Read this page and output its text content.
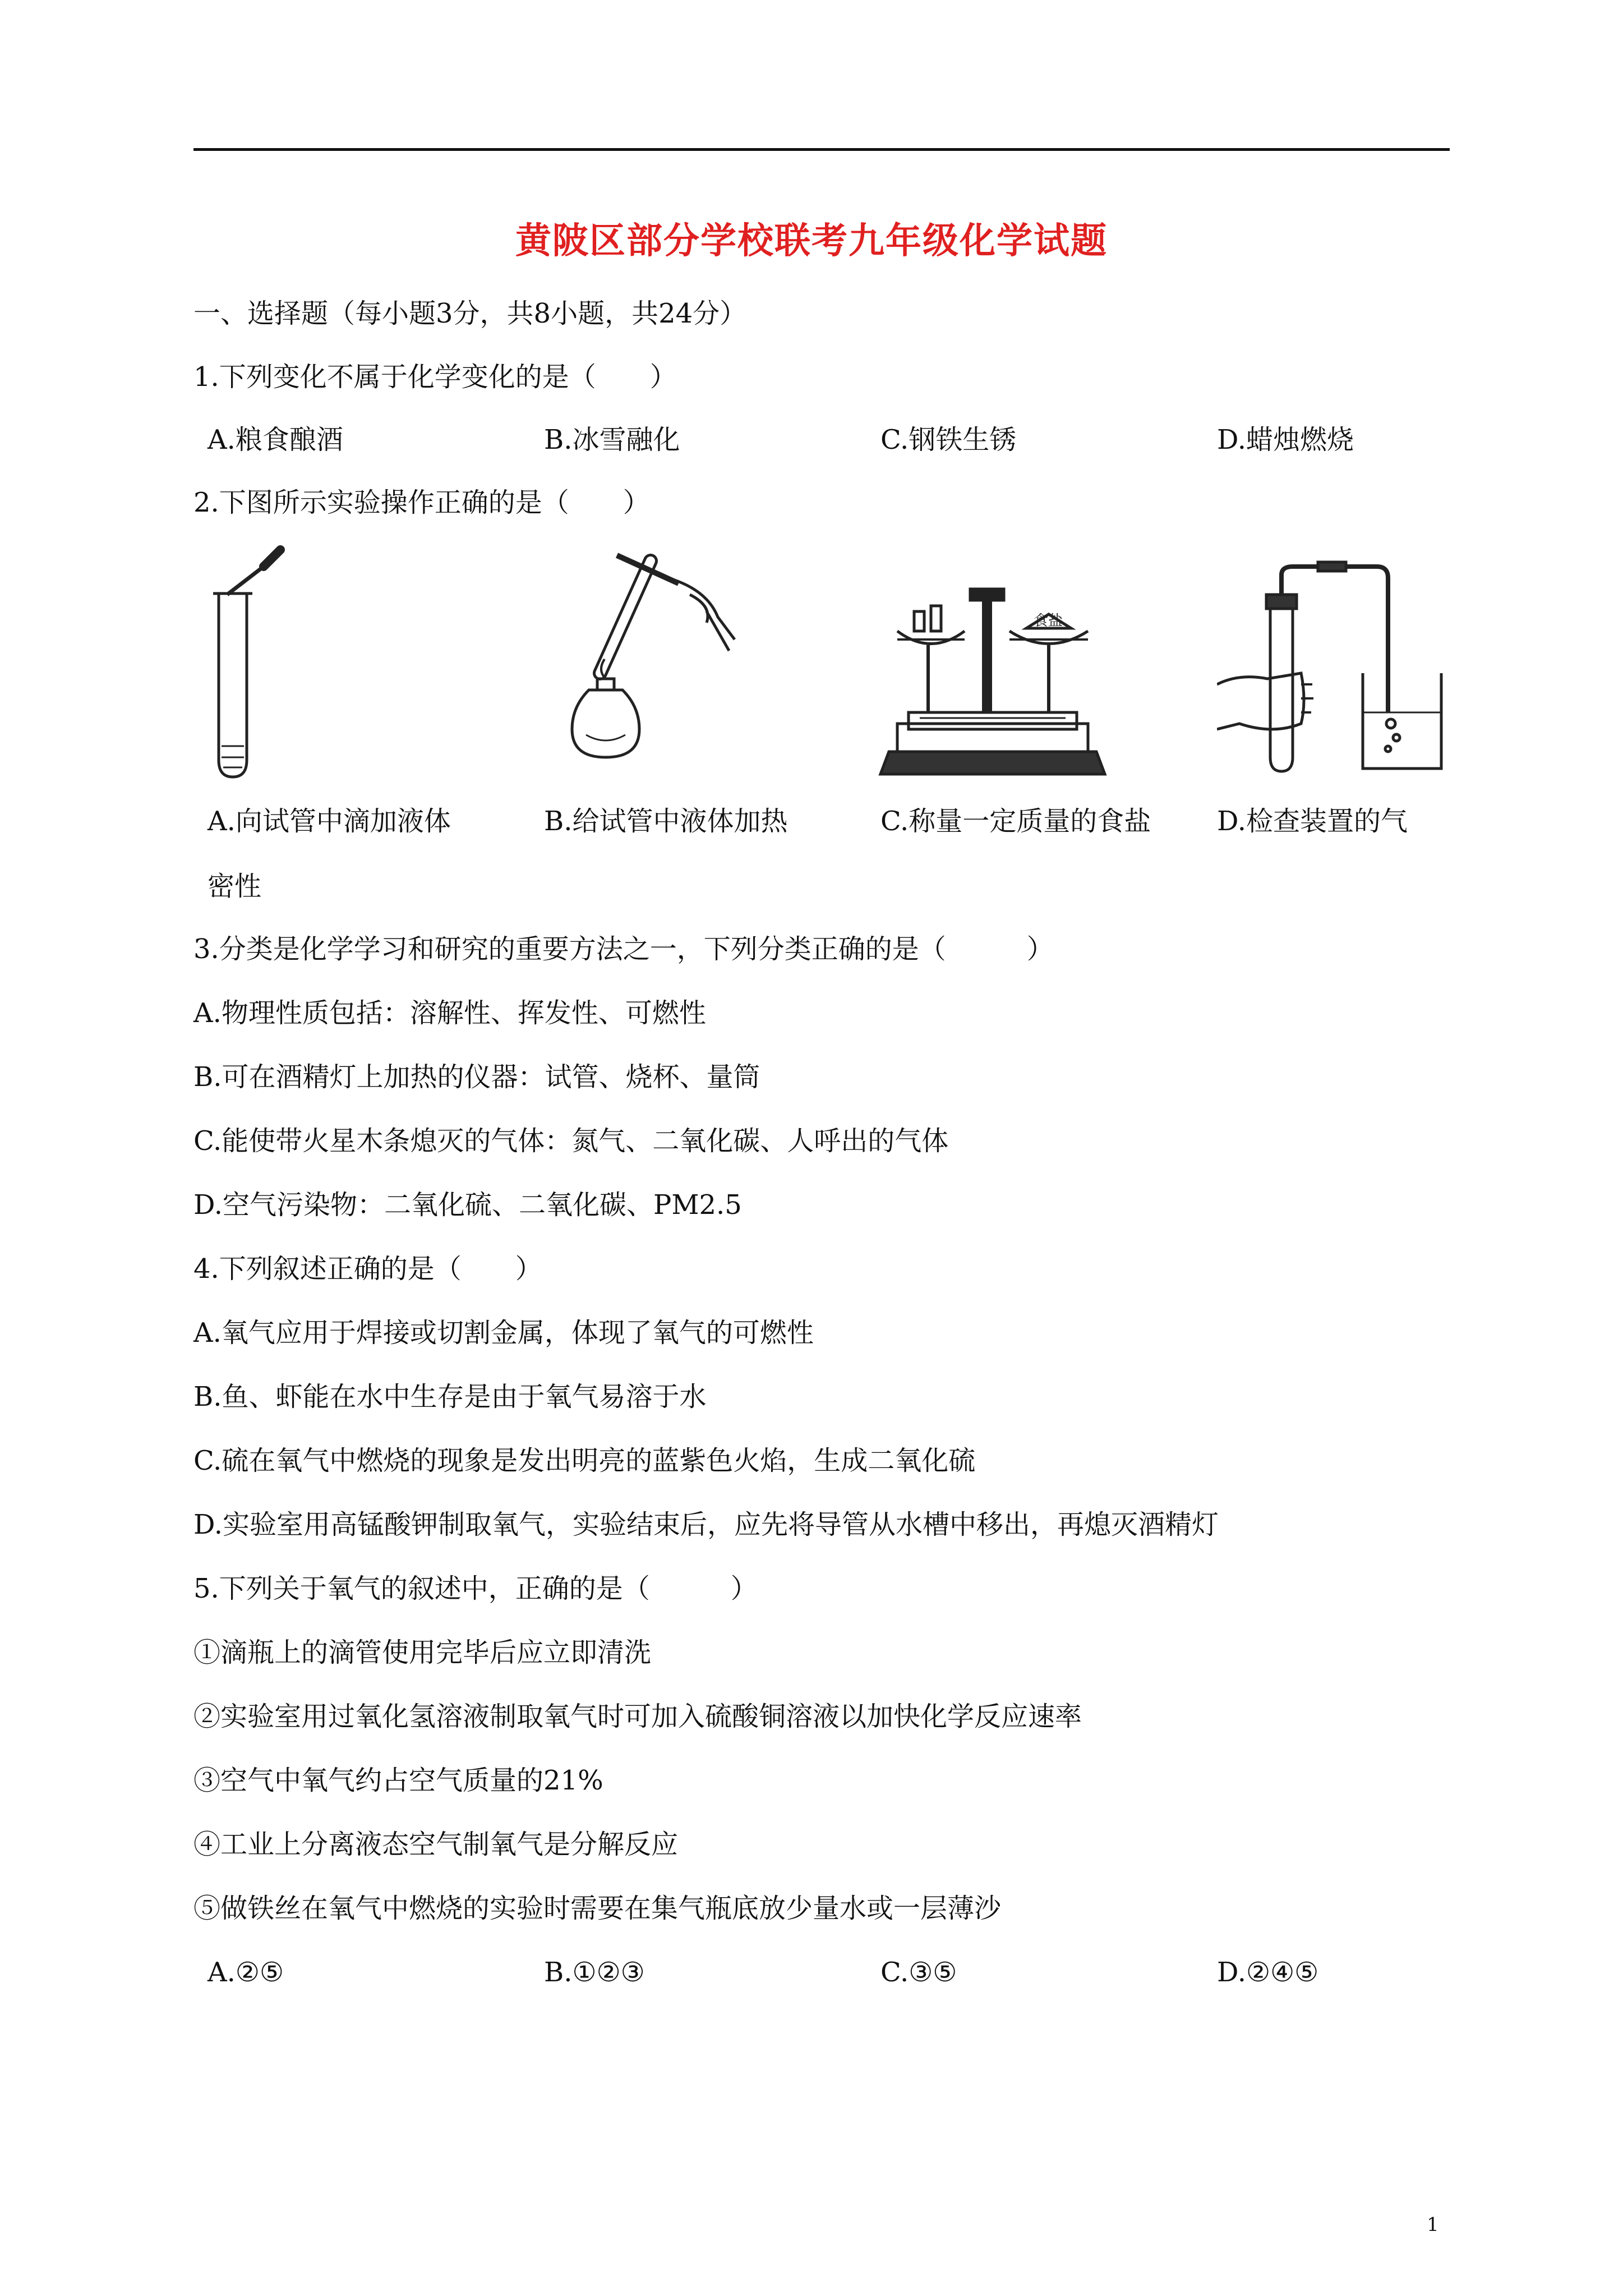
黄陂区部分学校联考九年级化学试题
一、选择题（每小题3分，共8小题，共24分）
1.下列变化不属于化学变化的是（　　）
A.粮食酿酒	B.冰雪融化	C.钢铁生锈	D.蜡烛燃烧
2.下图所示实验操作正确的是（　　）
食盐
A.向试管中滴加液体	B.给试管中液体加热	C.称量一定质量的食盐 D.检查装置的气
密性
3.分类是化学学习和研究的重要方法之一，下列分类正确的是（　　　）
A.物理性质包括：溶解性、挥发性、可燃性
B.可在酒精灯上加热的仪器：试管、烧杯、量筒
C.能使带火星木条熄灭的气体：氮气、二氧化碳、人呼出的气体
D.空气污染物：二氧化硫、二氧化碳、PM2.5
4.下列叙述正确的是（　　）
A.氧气应用于焊接或切割金属，体现了氧气的可燃性
B.鱼、虾能在水中生存是由于氧气易溶于水
C.硫在氧气中燃烧的现象是发出明亮的蓝紫色火焰，生成二氧化硫
D.实验室用高锰酸钾制取氧气，实验结束后，应先将导管从水槽中移出，再熄灭酒精灯
5.下列关于氧气的叙述中，正确的是（　　　）
①滴瓶上的滴管使用完毕后应立即清洗
②实验室用过氧化氢溶液制取氧气时可加入硫酸铜溶液以加快化学反应速率
③空气中氧气约占空气质量的21%
④工业上分离液态空气制氧气是分解反应
⑤做铁丝在氧气中燃烧的实验时需要在集气瓶底放少量水或一层薄沙
A.②⑤	B.①②③	C.③⑤	D.②④⑤
1
